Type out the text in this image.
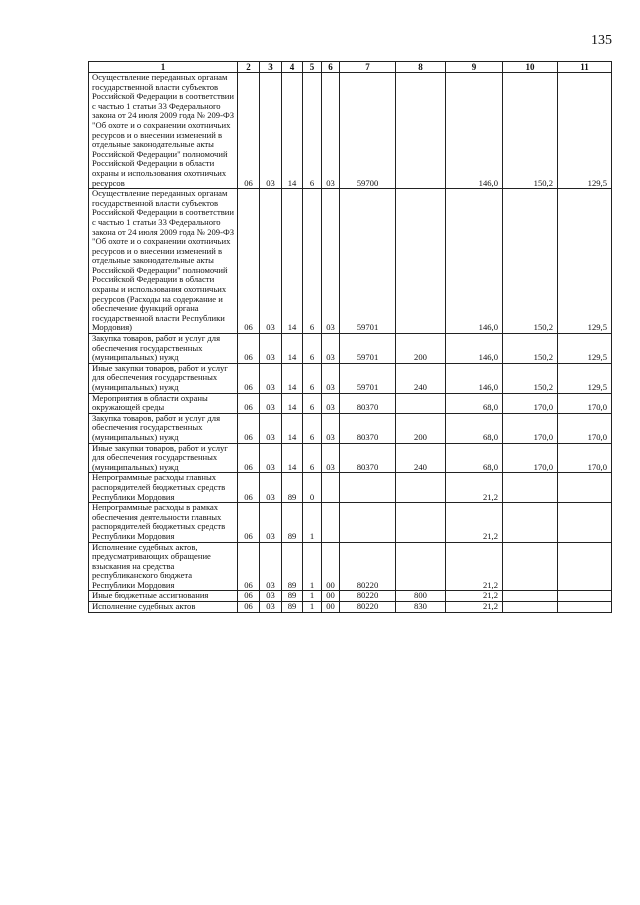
135
1	2	3	4	5	6	7	8	9	10	11
Осуществление переданных органам государственной власти субъектов Российской Федерации в соответствии с частью 1 статьи 33 Федерального закона от 24 июля 2009 года № 209-ФЗ "Об охоте и о сохранении охотничьих ресурсов и о внесении изменений в отдельные законодательные акты Российской Федерации" полномочий Российской Федерации в области охраны и использования охотничьих ресурсов	06	03	14	6	03	59700		146,0	150,2	129,5
Осуществление переданных органам государственной власти субъектов Российской Федерации в соответствии с частью 1 статьи 33 Федерального закона от 24 июля 2009 года № 209-ФЗ "Об охоте и о сохранении охотничьих ресурсов и о внесении изменений в отдельные законодательные акты Российской Федерации" полномочий Российской Федерации в области охраны и использования охотничьих ресурсов (Расходы на содержание и обеспечение функций органа государственной власти Республики Мордовия)	06	03	14	6	03	59701		146,0	150,2	129,5
Закупка товаров, работ и услуг для обеспечения государственных (муниципальных) нужд	06	03	14	6	03	59701	200	146,0	150,2	129,5
Иные закупки товаров, работ и услуг для обеспечения государственных (муниципальных) нужд	06	03	14	6	03	59701	240	146,0	150,2	129,5
Мероприятия в области охраны окружающей среды	06	03	14	6	03	80370		68,0	170,0	170,0
Закупка товаров, работ и услуг для обеспечения государственных (муниципальных) нужд	06	03	14	6	03	80370	200	68,0	170,0	170,0
Иные закупки товаров, работ и услуг для обеспечения государственных (муниципальных) нужд	06	03	14	6	03	80370	240	68,0	170,0	170,0
Непрограммные расходы главных распорядителей бюджетных средств Республики Мордовия	06	03	89	0				21,2		
Непрограммные расходы в рамках обеспечения деятельности главных распорядителей бюджетных средств Республики Мордовия	06	03	89	1				21,2		
Исполнение судебных актов, предусматривающих обращение взыскания на средства республиканского бюджета Республики Мордовия	06	03	89	1	00	80220		21,2		
Иные бюджетные ассигнования	06	03	89	1	00	80220	800	21,2		
Исполнение судебных актов	06	03	89	1	00	80220	830	21,2		
